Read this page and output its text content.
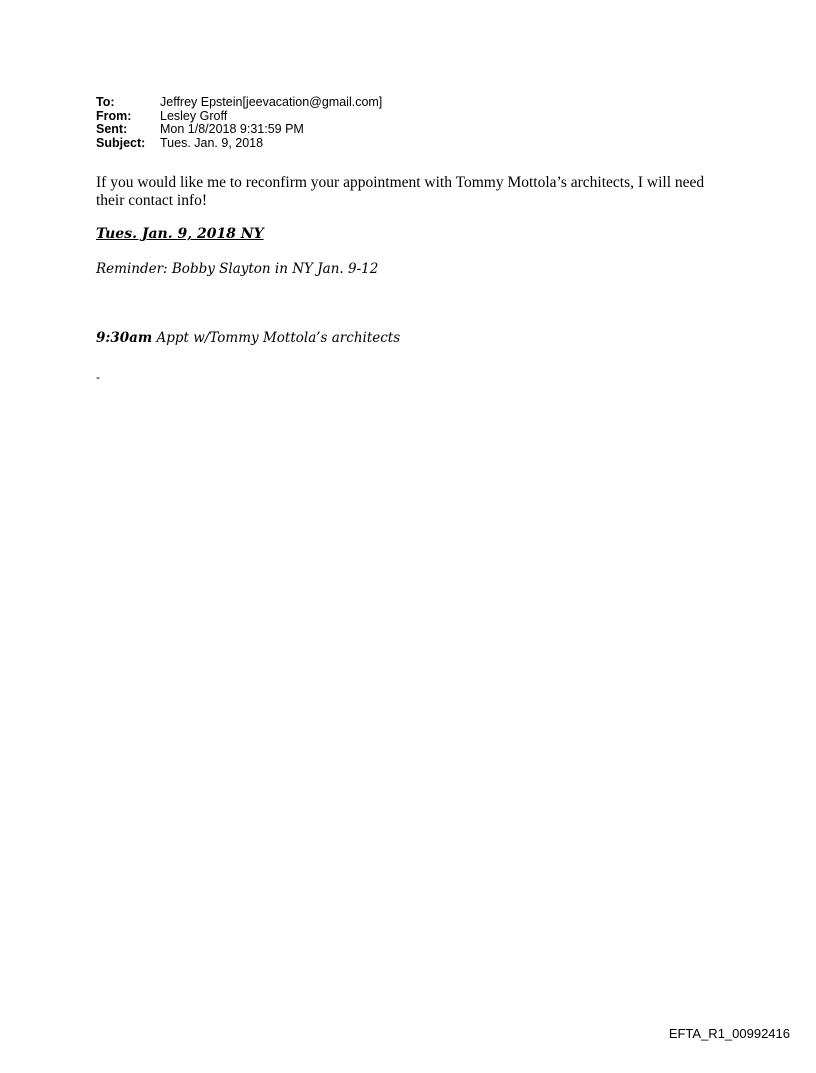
To:	Jeffrey Epstein[jeevacation@gmail.com]
From:	Lesley Groff
Sent:	Mon 1/8/2018 9:31:59 PM
Subject:	Tues. Jan. 9, 2018
If you would like me to reconfirm your appointment with Tommy Mottola’s architects, I will need their contact info!
Tues. Jan. 9, 2018 NY
Reminder: Bobby Slayton in NY Jan. 9-12
9:30am Appt w/Tommy Mottola’s architects
-
EFTA_R1_00992416
